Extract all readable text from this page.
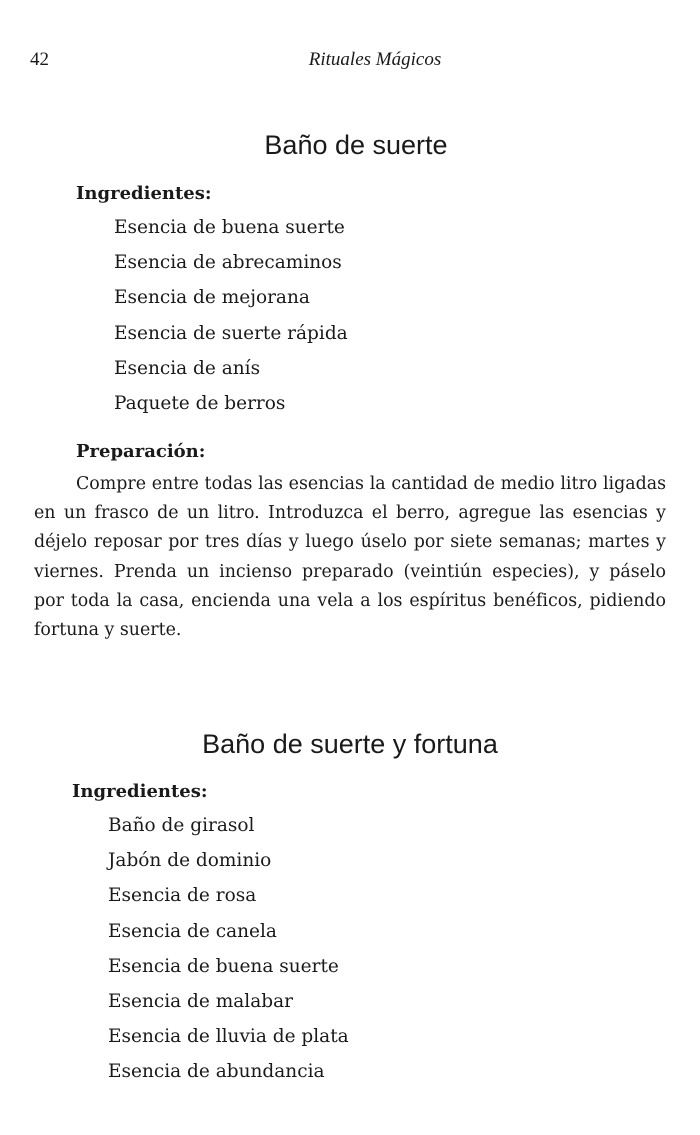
42	Rituales Mágicos
Baño de suerte
Ingredientes:
Esencia de buena suerte
Esencia de abrecaminos
Esencia de mejorana
Esencia de suerte rápida
Esencia de anís
Paquete de berros
Preparación:

Compre entre todas las esencias la cantidad de medio litro ligadas en un frasco de un litro. Introduzca el berro, agregue las esencias y déjelo reposar por tres días y luego úselo por siete semanas; martes y viernes. Prenda un incienso preparado (veintiún especies), y páselo por toda la casa, encienda una vela a los espíritus benéficos, pidiendo fortuna y suerte.

Baño de suerte y fortuna
Ingredientes:
Baño de girasol
Jabón de dominio
Esencia de rosa
Esencia de canela
Esencia de buena suerte
Esencia de malabar
Esencia de lluvia de plata
Esencia de abundancia
